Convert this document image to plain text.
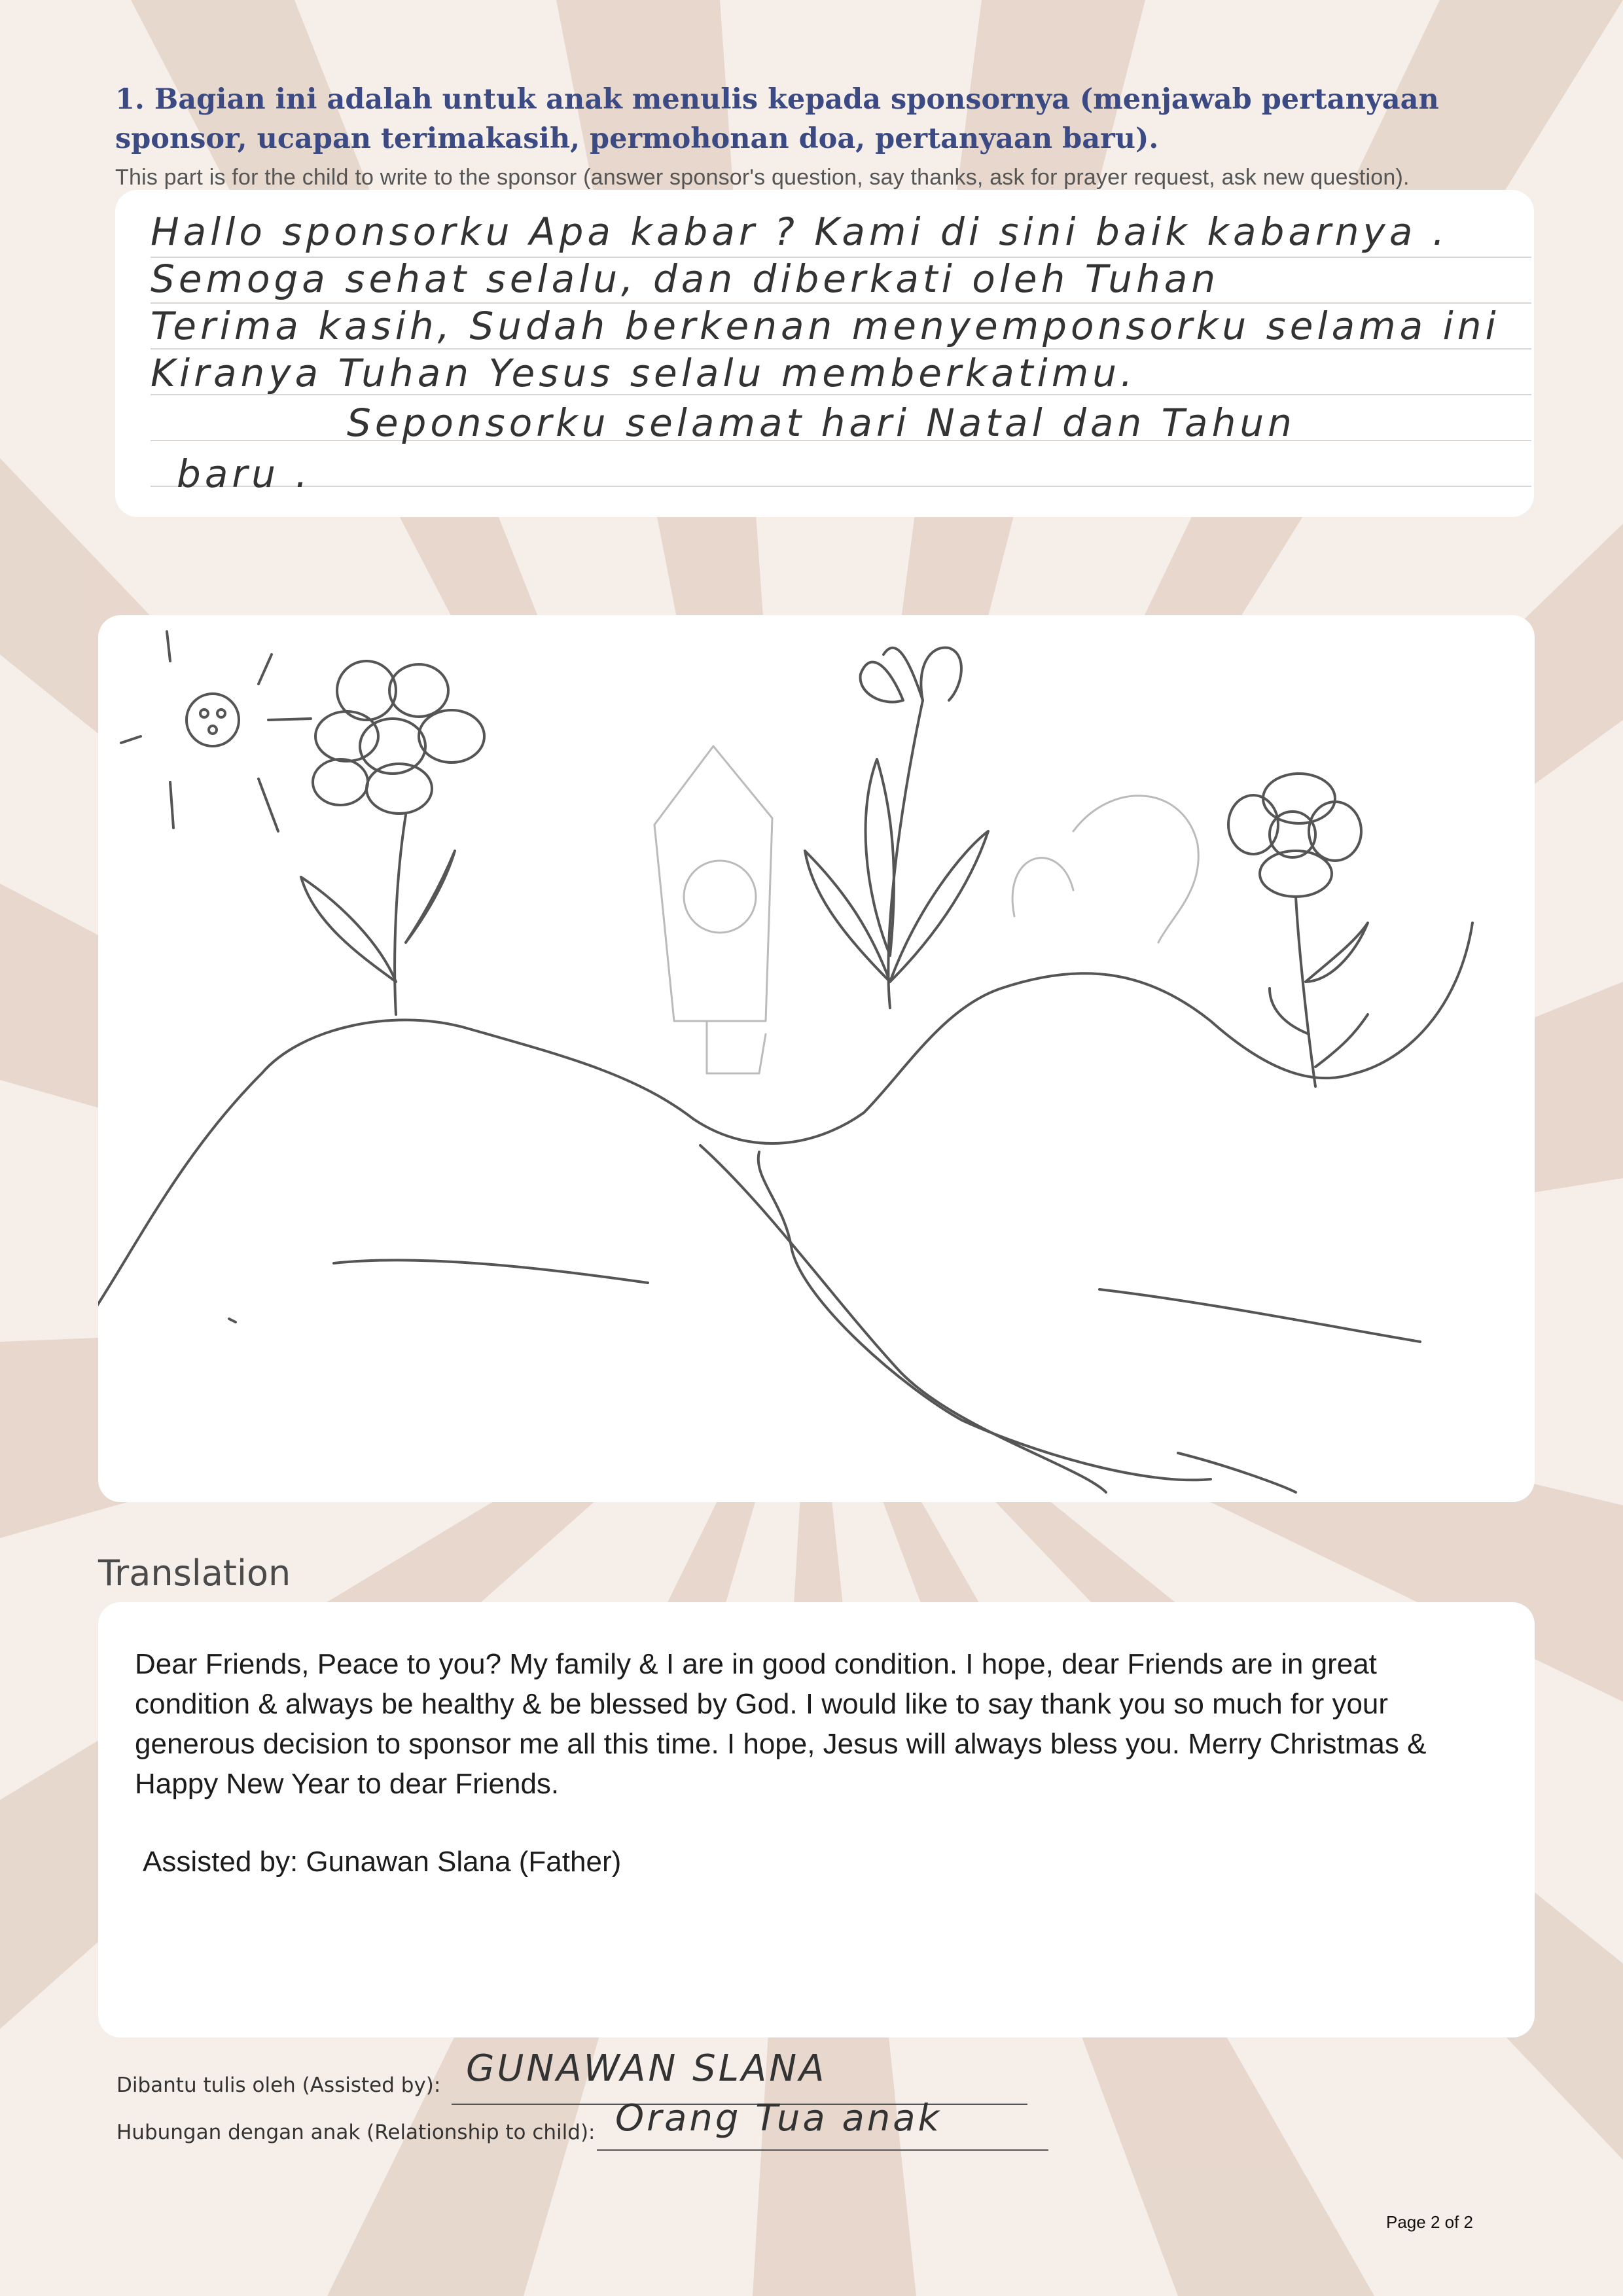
1. Bagian ini adalah untuk anak menulis kepada sponsornya (menjawab pertanyaan sponsor, ucapan terimakasih, permohonan doa, pertanyaan baru).
This part is for the child to write to the sponsor (answer sponsor's question, say thanks, ask for prayer request, ask new question).
Hallo sponsorku Apa kabar ? Kami di sini baik kabarnya .
Semoga sehat selalu, dan diberkati oleh Tuhan
Terima kasih, Sudah berkenan menyemponsorku selama ini
Kiranya Tuhan Yesus selalu memberkatimu.
Seponsorku selamat hari Natal dan Tahun
baru .
Translation
Dear Friends, Peace to you? My family & I are in good condition. I hope, dear Friends are in great condition & always be healthy & be blessed by God. I would like to say thank you so much for your generous decision to sponsor me all this time. I hope, Jesus will always bless you. Merry Christmas & Happy New Year to dear Friends.
Assisted by: Gunawan Slana (Father)
Dibantu tulis oleh (Assisted by): GUNAWAN SLANA
Hubungan dengan anak (Relationship to child): Orang Tua anak
Page 2 of 2
